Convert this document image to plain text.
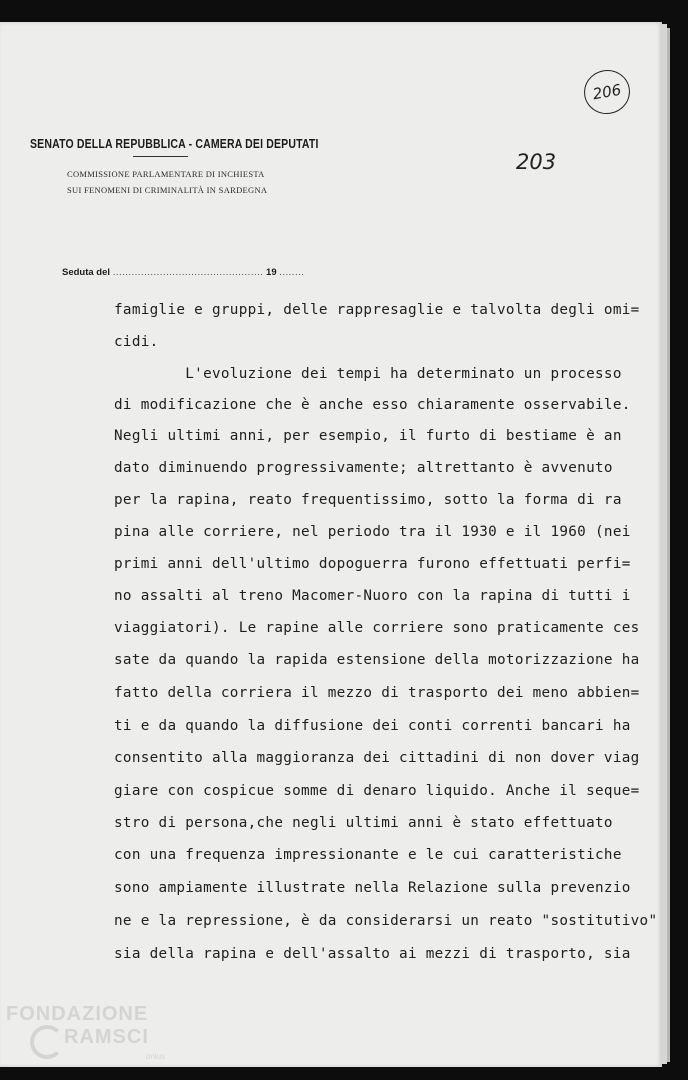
206
203
SENATO DELLA REPUBBLICA - CAMERA DEI DEPUTATI
COMMISSIONE PARLAMENTARE DI INCHIESTA
SUI FENOMENI DI CRIMINALITÀ IN SARDEGNA
Seduta del ................................................ 19 ........

famiglie e gruppi, delle rappresaglie e talvolta degli omi=

cidi.

L'evoluzione dei tempi ha determinato un processo

di modificazione che è anche esso chiaramente osservabile.

Negli ultimi anni, per esempio, il furto di bestiame è an

dato diminuendo progressivamente; altrettanto è avvenuto

per la rapina, reato frequentissimo, sotto la forma di ra

pina alle corriere, nel periodo tra il 1930 e il 1960 (nei

primi anni dell'ultimo dopoguerra furono effettuati perfi=

no assalti al treno Macomer-Nuoro con la rapina di tutti i

viaggiatori). Le rapine alle corriere sono praticamente ces

sate da quando la rapida estensione della motorizzazione ha

fatto della corriera il mezzo di trasporto dei meno abbien=

ti e da quando la diffusione dei conti correnti bancari ha

consentito alla maggioranza dei cittadini di non dover viag

giare con cospicue somme di denaro liquido. Anche il seque=

stro di persona,che negli ultimi anni è stato effettuato

con una frequenza impressionante e le cui caratteristiche

sono ampiamente illustrate nella Relazione sulla prevenzio

ne e la repressione, è da considerarsi un reato "sostitutivo"

sia della rapina e dell'assalto ai mezzi di trasporto, sia

FONDAZIONE
RAMSCI
onlus
